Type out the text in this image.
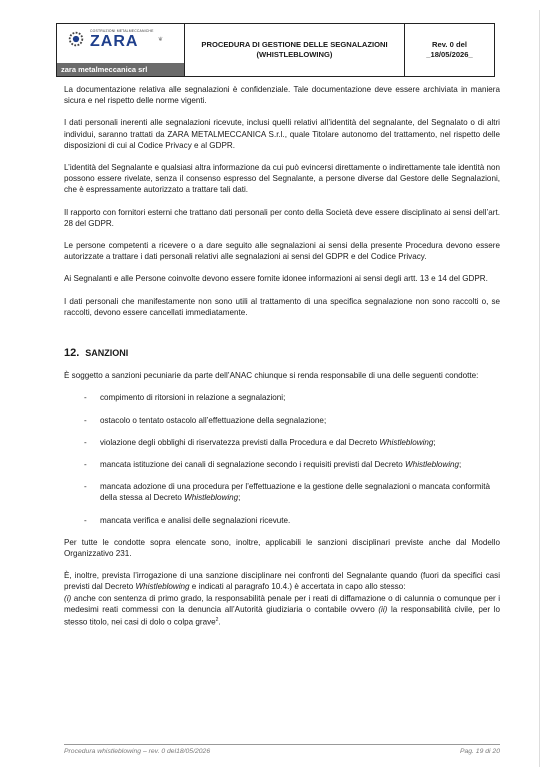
COSTRUZIONI METALMECCANICHE
ZARA	❦
zara metalmeccanica srl
PROCEDURA DI GESTIONE DELLE SEGNALAZIONI
(WHISTLEBLOWING)
Rev. 0 del
_18/05/2026_

La documentazione relativa alle segnalazioni è confidenziale. Tale documentazione deve essere archiviata in maniera sicura e nel rispetto delle norme vigenti.

I dati personali inerenti alle segnalazioni ricevute, inclusi quelli relativi all’identità del segnalante, del Segnalato o di altri individui, saranno trattati da ZARA METALMECCANICA S.r.l., quale Titolare autonomo del trattamento, nel rispetto delle disposizioni di cui al Codice Privacy e al GDPR.

L’identità del Segnalante e qualsiasi altra informazione da cui può evincersi direttamente o indirettamente tale identità non possono essere rivelate, senza il consenso espresso del Segnalante, a persone diverse dal Gestore delle Segnalazioni, che è espressamente autorizzato a trattare tali dati.

Il rapporto con fornitori esterni che trattano dati personali per conto della Società deve essere disciplinato ai sensi dell’art. 28 del GDPR.

Le persone competenti a ricevere o a dare seguito alle segnalazioni ai sensi della presente Procedura devono essere autorizzate a trattare i dati personali relativi alle segnalazioni ai sensi del GDPR e del Codice Privacy.

Ai Segnalanti e alle Persone coinvolte devono essere fornite idonee informazioni ai sensi degli artt. 13 e 14 del GDPR.

I dati personali che manifestamente non sono utili al trattamento di una specifica segnalazione non sono raccolti o, se raccolti, devono essere cancellati immediatamente.

12. SANZIONI

È soggetto a sanzioni pecuniarie da parte dell’ANAC chiunque si renda responsabile di una delle seguenti condotte:

- compimento di ritorsioni in relazione a segnalazioni;
- ostacolo o tentato ostacolo all’effettuazione della segnalazione;
- violazione degli obblighi di riservatezza previsti dalla Procedura e dal Decreto Whistleblowing;
- mancata istituzione dei canali di segnalazione secondo i requisiti previsti dal Decreto Whistleblowing;
- mancata adozione di una procedura per l’effettuazione e la gestione delle segnalazioni o mancata conformità della stessa al Decreto Whistleblowing;
- mancata verifica e analisi delle segnalazioni ricevute.

Per tutte le condotte sopra elencate sono, inoltre, applicabili le sanzioni disciplinari previste anche dal Modello Organizzativo 231.

È, inoltre, prevista l’irrogazione di una sanzione disciplinare nei confronti del Segnalante quando (fuori da specifici casi previsti dal Decreto Whistleblowing e indicati al paragrafo 10.4.) è accertata in capo allo stesso:
(i) anche con sentenza di primo grado, la responsabilità penale per i reati di diffamazione o di calunnia o comunque per i medesimi reati commessi con la denuncia all’Autorità giudiziaria o contabile ovvero (ii) la responsabilità civile, per lo stesso titolo, nei casi di dolo o colpa grave$^2$.

Procedura whistleblowing – rev. 0 del18/05/2026	Pag. 19 di 20
